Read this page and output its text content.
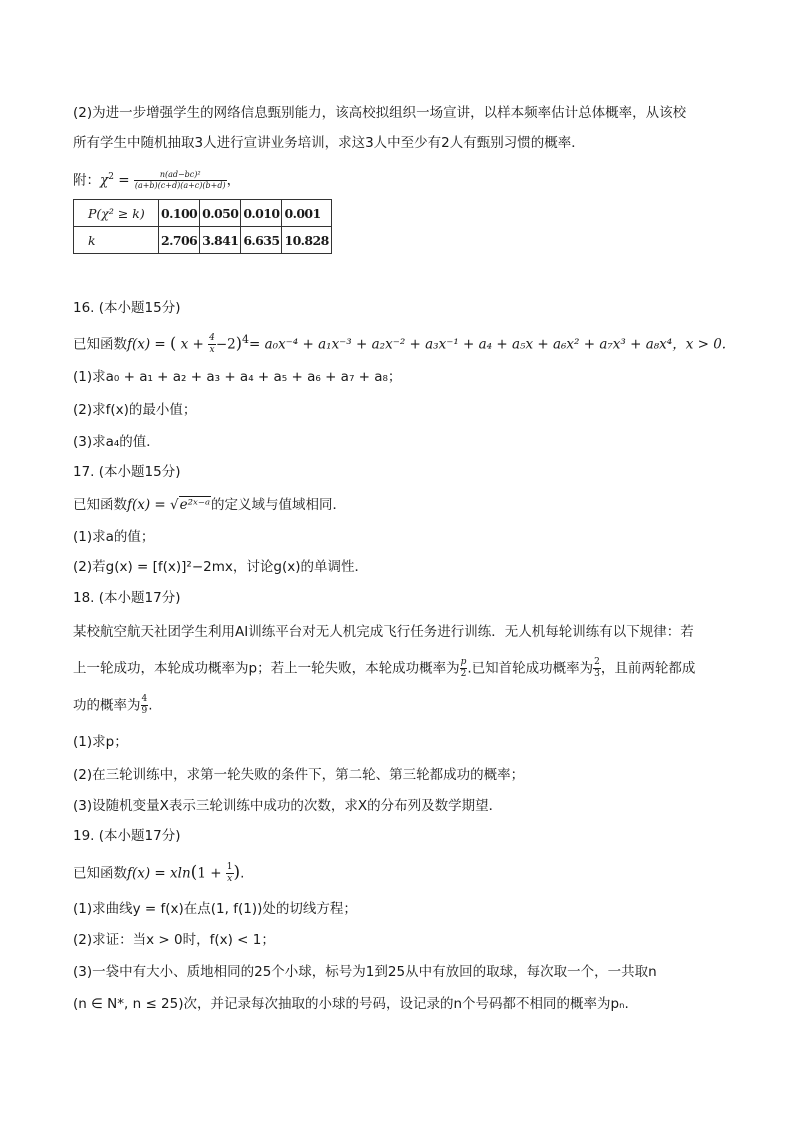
(2)为进一步增强学生的网络信息甄别能力，该高校拟组织一场宣讲，以样本频率估计总体概率，从该校
所有学生中随机抽取3人进行宣讲业务培训，求这3人中至少有2人有甄别习惯的概率．
附：$\chi^2 = \frac{\text{n(ad−bc)²}}{(a+b)(c+d)(a+c)(b+d)}$ ，
P(χ² ≥ k)	0.100	0.050	0.010	0.001
k	2.706	3.841	6.635	10.828
16. (本小题15分)
已知函数f(x) = ( $x + \frac{4}{x} -2)^4= a_0x^{-4} + a_1x^{-3} + a_2x^{-2} + a_3x^{-1} + a_4 + a_5x + a_6x^2 + a_7x^3 + a_8x^4$，x > 0.
(1)求a₀ + a₁ + a₂ + a₃ + a₄ + a₅ + a₆ + a₇ + a₈；
(2)求f(x)的最小值；
(3)求a₄的值．
17. (本小题15分)
已知函数f(x) = √e²ˣ⁻ᵃ的定义域与值域相同．
(1)求a的值；
(2)若g(x) = [f(x)]²−2mx，讨论g(x)的单调性．
18. (本小题17分)
某校航空航天社团学生利用AI训练平台对无人机完成飞行任务进行训练．无人机每轮训练有以下规律：若
上一轮成功，本轮成功概率为p；若上一轮失败，本轮成功概率为 $\frac{p}{2}$ .已知首轮成功概率为 $\frac{2}{3}$ ，且前两轮都成
功的概率为 $\frac{4}{9}$ .
(1)求p；
(2)在三轮训练中，求第一轮失败的条件下，第二轮、第三轮都成功的概率；
(3)设随机变量X表示三轮训练中成功的次数，求X的分布列及数学期望．
19. (本小题17分)
已知函数$f(x) = xln(1 + \frac{1}{x}$ ).
(1)求曲线y = f(x)在点(1, f(1))处的切线方程；
(2)求证：当x > 0时，f(x) < 1；
(3)一袋中有大小、质地相同的25个小球，标号为1到25从中有放回的取球，每次取一个，一共取n
(n ∈ N*, n ≤ 25)次，并记录每次抽取的小球的号码，设记录的n个号码都不相同的概率为pₙ.
